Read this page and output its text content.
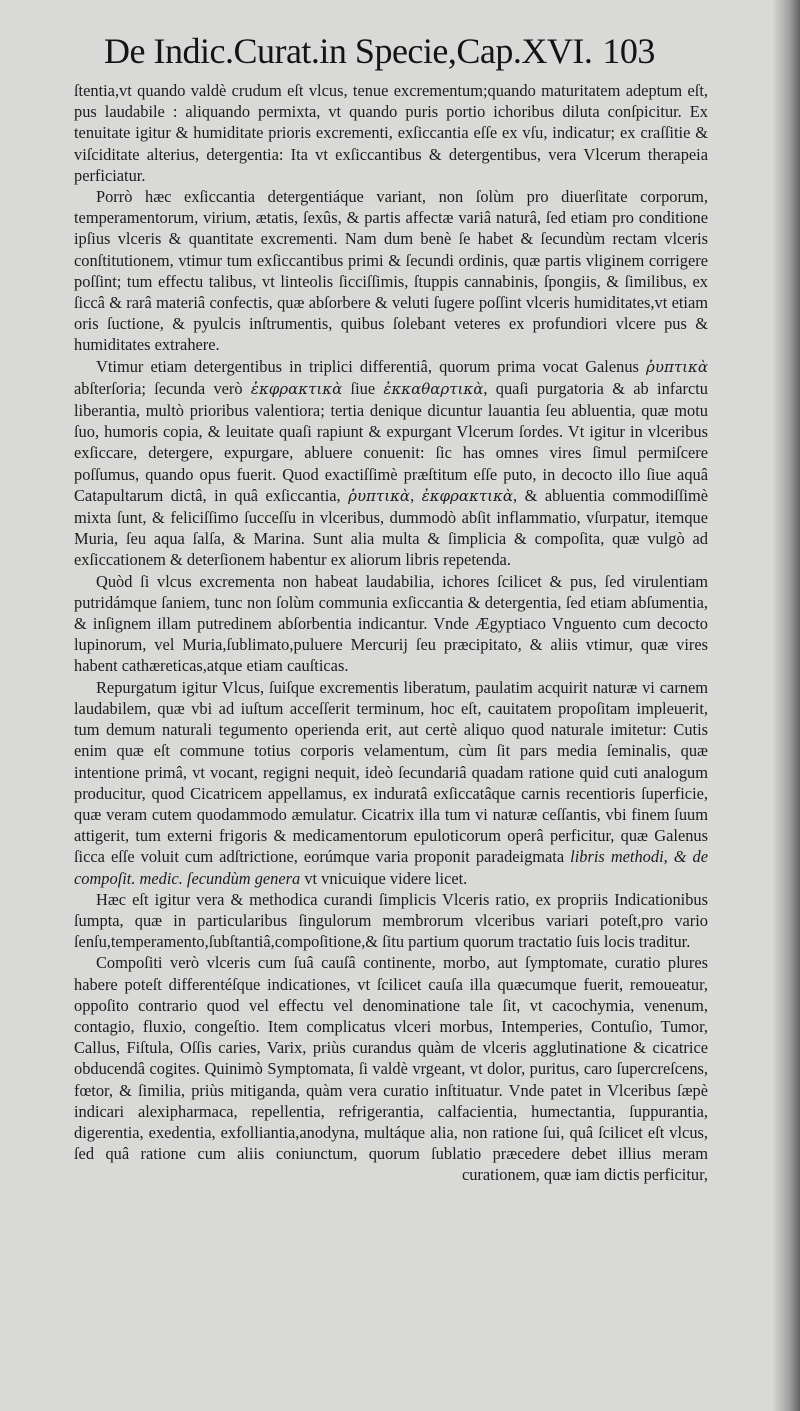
De Indic.Curat.in Specie,Cap.XVI. 103

ſtentia,vt quando valdè crudum eſt vlcus, tenue excrementum;quando maturitatem adeptum eſt, pus laudabile : aliquando permixta, vt quando puris portio ichoribus diluta conſpicitur. Ex tenuitate igitur & humiditate prioris excrementi, exſiccantia eſſe ex vſu, indicatur; ex craſſitie & viſciditate alterius, detergentia: Ita vt exſiccantibus & detergentibus, vera Vlcerum therapeia perficiatur.

Porrò hæc exſiccantia detergentiáque variant, non ſolùm pro diuerſitate corporum, temperamentorum, virium, ætatis, ſexûs, & partis affectæ variâ naturâ, ſed etiam pro conditione ipſius vlceris & quantitate excrementi. Nam dum benè ſe habet & ſecundùm rectam vlceris conſtitutionem, vtimur tum exſiccantibus primi & ſecundi ordinis, quæ partis vliginem corrigere poſſint; tum effectu talibus, vt linteolis ſicciſſimis, ſtuppis cannabinis, ſpongiis, & ſimilibus, ex ſiccâ & rarâ materiâ confectis, quæ abſorbere & veluti ſugere poſſint vlceris humiditates,vt etiam oris ſuctione, & pyulcis inſtrumentis, quibus ſolebant veteres ex profundiori vlcere pus & humiditates extrahere.

Vtimur etiam detergentibus in triplici differentiâ, quorum prima vocat Galenus ῥυπτικὰ abſterſoria; ſecunda verò ἐκφρακτικὰ ſiue ἐκκαθαρτικὰ, quaſi purgatoria & ab infarctu liberantia, multò prioribus valentiora; tertia denique dicuntur lauantia ſeu abluentia, quæ motu ſuo, humoris copia, & leuitate quaſi rapiunt & expurgant Vlcerum ſordes. Vt igitur in vlceribus exſiccare, detergere, expurgare, abluere conuenit: ſic has omnes vires ſimul permiſcere poſſumus, quando opus fuerit. Quod exactiſſimè præſtitum eſſe puto, in decocto illo ſiue aquâ Catapultarum dictâ, in quâ exſiccantia, ῥυπτικὰ, ἐκφρακτικὰ, & abluentia commodiſſimè mixta ſunt, & feliciſſimo ſucceſſu in vlceribus, dummodò abſit inflammatio, vſurpatur, itemque Muria, ſeu aqua ſalſa, & Marina. Sunt alia multa & ſimplicia & compoſita, quæ vulgò ad exſiccationem & deterſionem habentur ex aliorum libris repetenda.

Quòd ſi vlcus excrementa non habeat laudabilia, ichores ſcilicet & pus, ſed virulentiam putridámque ſaniem, tunc non ſolùm communia exſiccantia & detergentia, ſed etiam abſumentia, & inſignem illam putredinem abſorbentia indicantur. Vnde Ægyptiaco Vnguento cum decocto lupinorum, vel Muria,ſublimato,puluere Mercurij ſeu præcipitato, & aliis vtimur, quæ vires habent cathæreticas,atque etiam cauſticas.

Repurgatum igitur Vlcus, ſuiſque excrementis liberatum, paulatim acquirit naturæ vi carnem laudabilem, quæ vbi ad iuſtum acceſſerit terminum, hoc eſt, cauitatem propoſitam impleuerit, tum demum naturali tegumento operienda erit, aut certè aliquo quod naturale imitetur: Cutis enim quæ eſt commune totius corporis velamentum, cùm ſit pars media ſeminalis, quæ intentione primâ, vt vocant, regigni nequit, ideò ſecundariâ quadam ratione quid cuti analogum producitur, quod Cicatricem appellamus, ex induratâ exſiccatâque carnis recentioris ſuperficie, quæ veram cutem quodammodo æmulatur. Cicatrix illa tum vi naturæ ceſſantis, vbi finem ſuum attigerit, tum externi frigoris & medicamentorum epuloticorum operâ perficitur, quæ Galenus ſicca eſſe voluit cum adſtrictione, eorúmque varia proponit paradeigmata libris methodi, & de compoſit. medic. ſecundùm genera vt vnicuique videre licet.

Hæc eſt igitur vera & methodica curandi ſimplicis Vlceris ratio, ex propriis Indicationibus ſumpta, quæ in particularibus ſingulorum membrorum vlceribus variari poteſt,pro vario ſenſu,temperamento,ſubſtantiâ,compoſitione,& ſitu partium quorum tractatio ſuis locis traditur.

Compoſiti verò vlceris cum ſuâ cauſâ continente, morbo, aut ſymptomate, curatio plures habere poteſt differentéſque indicationes, vt ſcilicet cauſa illa quæcumque fuerit, remoueatur, oppoſito contrario quod vel effectu vel denominatione tale ſit, vt cacochymia, venenum, contagio, fluxio, congeſtio. Item complicatus vlceri morbus, Intemperies, Contuſio, Tumor, Callus, Fiſtula, Oſſis caries, Varix, priùs curandus quàm de vlceris agglutinatione & cicatrice obducendâ cogites. Quinimò Symptomata, ſi valdè vrgeant, vt dolor, puritus, caro ſupercreſcens, fœtor, & ſimilia, priùs mitiganda, quàm vera curatio inſtituatur. Vnde patet in Vlceribus ſæpè indicari alexipharmaca, repellentia, refrigerantia, calfacientia, humectantia, ſuppurantia, digerentia, exedentia, exfolliantia,anodyna, multáque alia, non ratione ſui, quâ ſcilicet eſt vlcus, ſed quâ ratione cum aliis coniunctum, quorum ſublatio præcedere debet illius meram curationem, quæ iam dictis perficitur,
